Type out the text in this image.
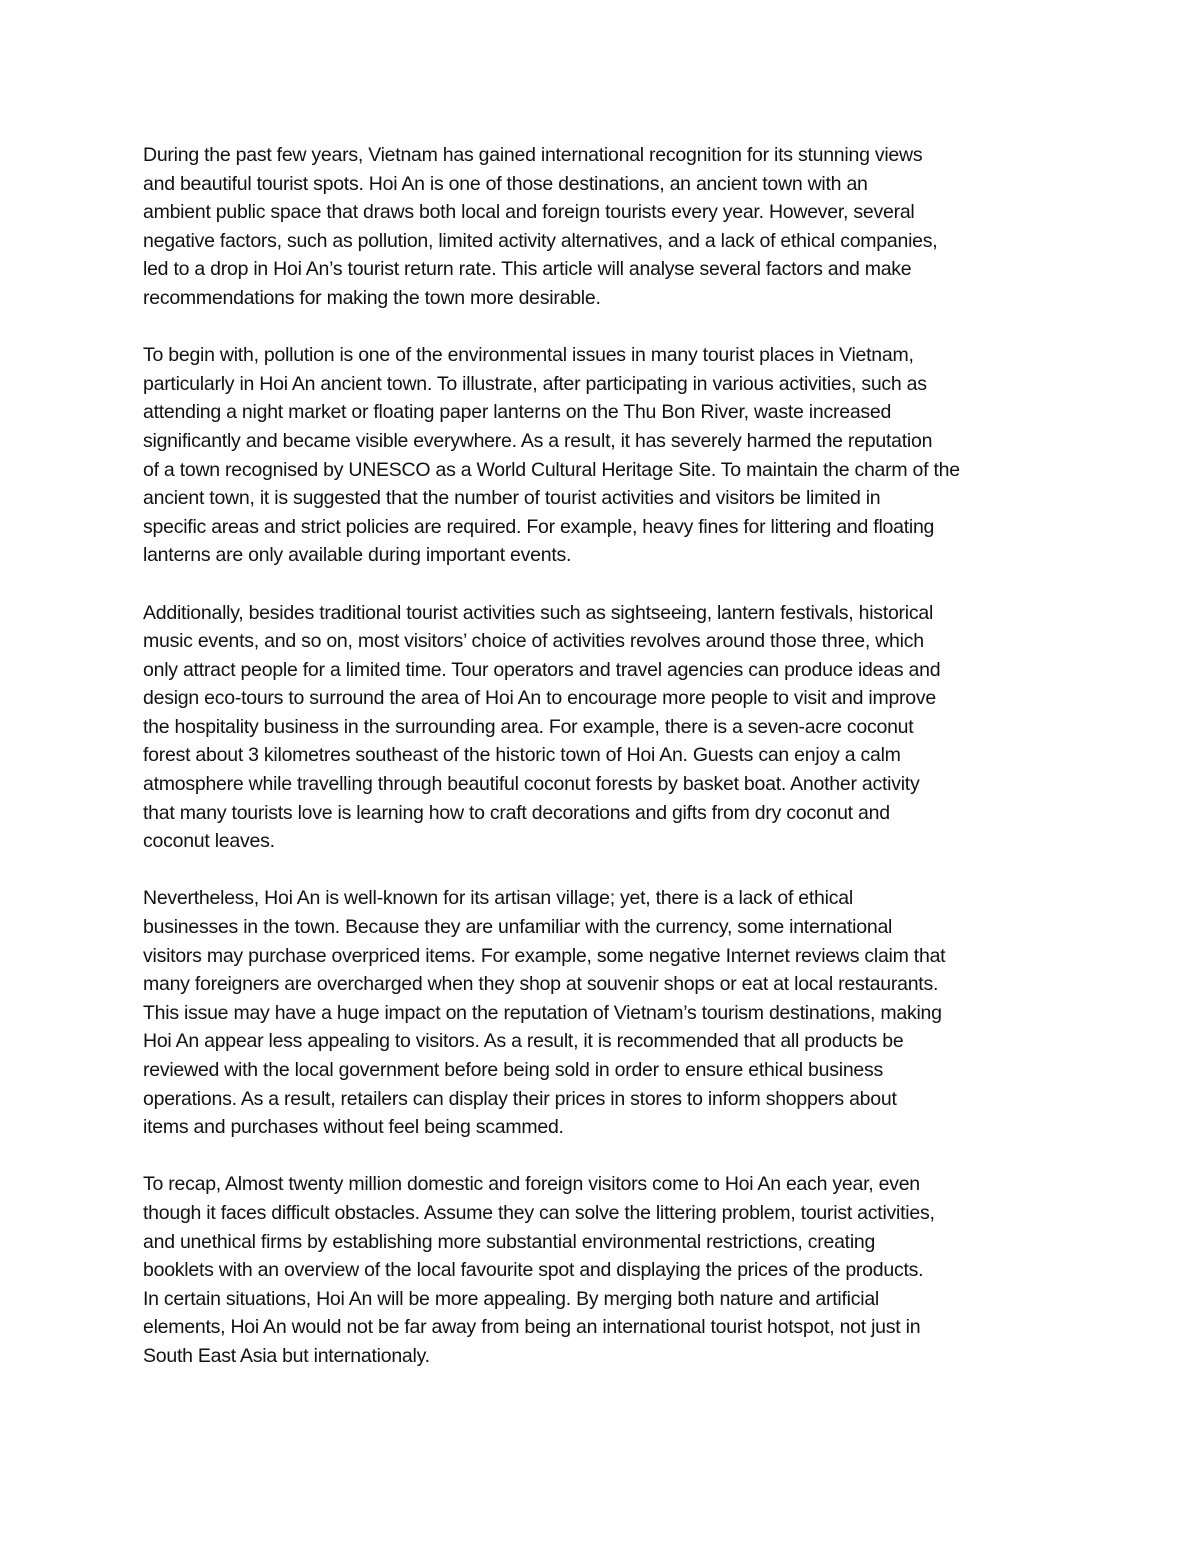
During the past few years, Vietnam has gained international recognition for its stunning views
and beautiful tourist spots. Hoi An is one of those destinations, an ancient town with an
ambient public space that draws both local and foreign tourists every year. However, several
negative factors, such as pollution, limited activity alternatives, and a lack of ethical companies,
led to a drop in Hoi An’s tourist return rate. This article will analyse several factors and make
recommendations for making the town more desirable.

To begin with, pollution is one of the environmental issues in many tourist places in Vietnam,
particularly in Hoi An ancient town. To illustrate, after participating in various activities, such as
attending a night market or floating paper lanterns on the Thu Bon River, waste increased
significantly and became visible everywhere. As a result, it has severely harmed the reputation
of a town recognised by UNESCO as a World Cultural Heritage Site. To maintain the charm of the
ancient town, it is suggested that the number of tourist activities and visitors be limited in
specific areas and strict policies are required. For example, heavy fines for littering and floating
lanterns are only available during important events.

Additionally, besides traditional tourist activities such as sightseeing, lantern festivals, historical
music events, and so on, most visitors’ choice of activities revolves around those three, which
only attract people for a limited time. Tour operators and travel agencies can produce ideas and
design eco-tours to surround the area of Hoi An to encourage more people to visit and improve
the hospitality business in the surrounding area. For example, there is a seven-acre coconut
forest about 3 kilometres southeast of the historic town of Hoi An. Guests can enjoy a calm
atmosphere while travelling through beautiful coconut forests by basket boat. Another activity
that many tourists love is learning how to craft decorations and gifts from dry coconut and
coconut leaves.

Nevertheless, Hoi An is well-known for its artisan village; yet, there is a lack of ethical
businesses in the town. Because they are unfamiliar with the currency, some international
visitors may purchase overpriced items. For example, some negative Internet reviews claim that
many foreigners are overcharged when they shop at souvenir shops or eat at local restaurants.
This issue may have a huge impact on the reputation of Vietnam’s tourism destinations, making
Hoi An appear less appealing to visitors. As a result, it is recommended that all products be
reviewed with the local government before being sold in order to ensure ethical business
operations. As a result, retailers can display their prices in stores to inform shoppers about
items and purchases without feel being scammed.

To recap, Almost twenty million domestic and foreign visitors come to Hoi An each year, even
though it faces difficult obstacles. Assume they can solve the littering problem, tourist activities,
and unethical firms by establishing more substantial environmental restrictions, creating
booklets with an overview of the local favourite spot and displaying the prices of the products.
In certain situations, Hoi An will be more appealing. By merging both nature and artificial
elements, Hoi An would not be far away from being an international tourist hotspot, not just in
South East Asia but internationaly.
